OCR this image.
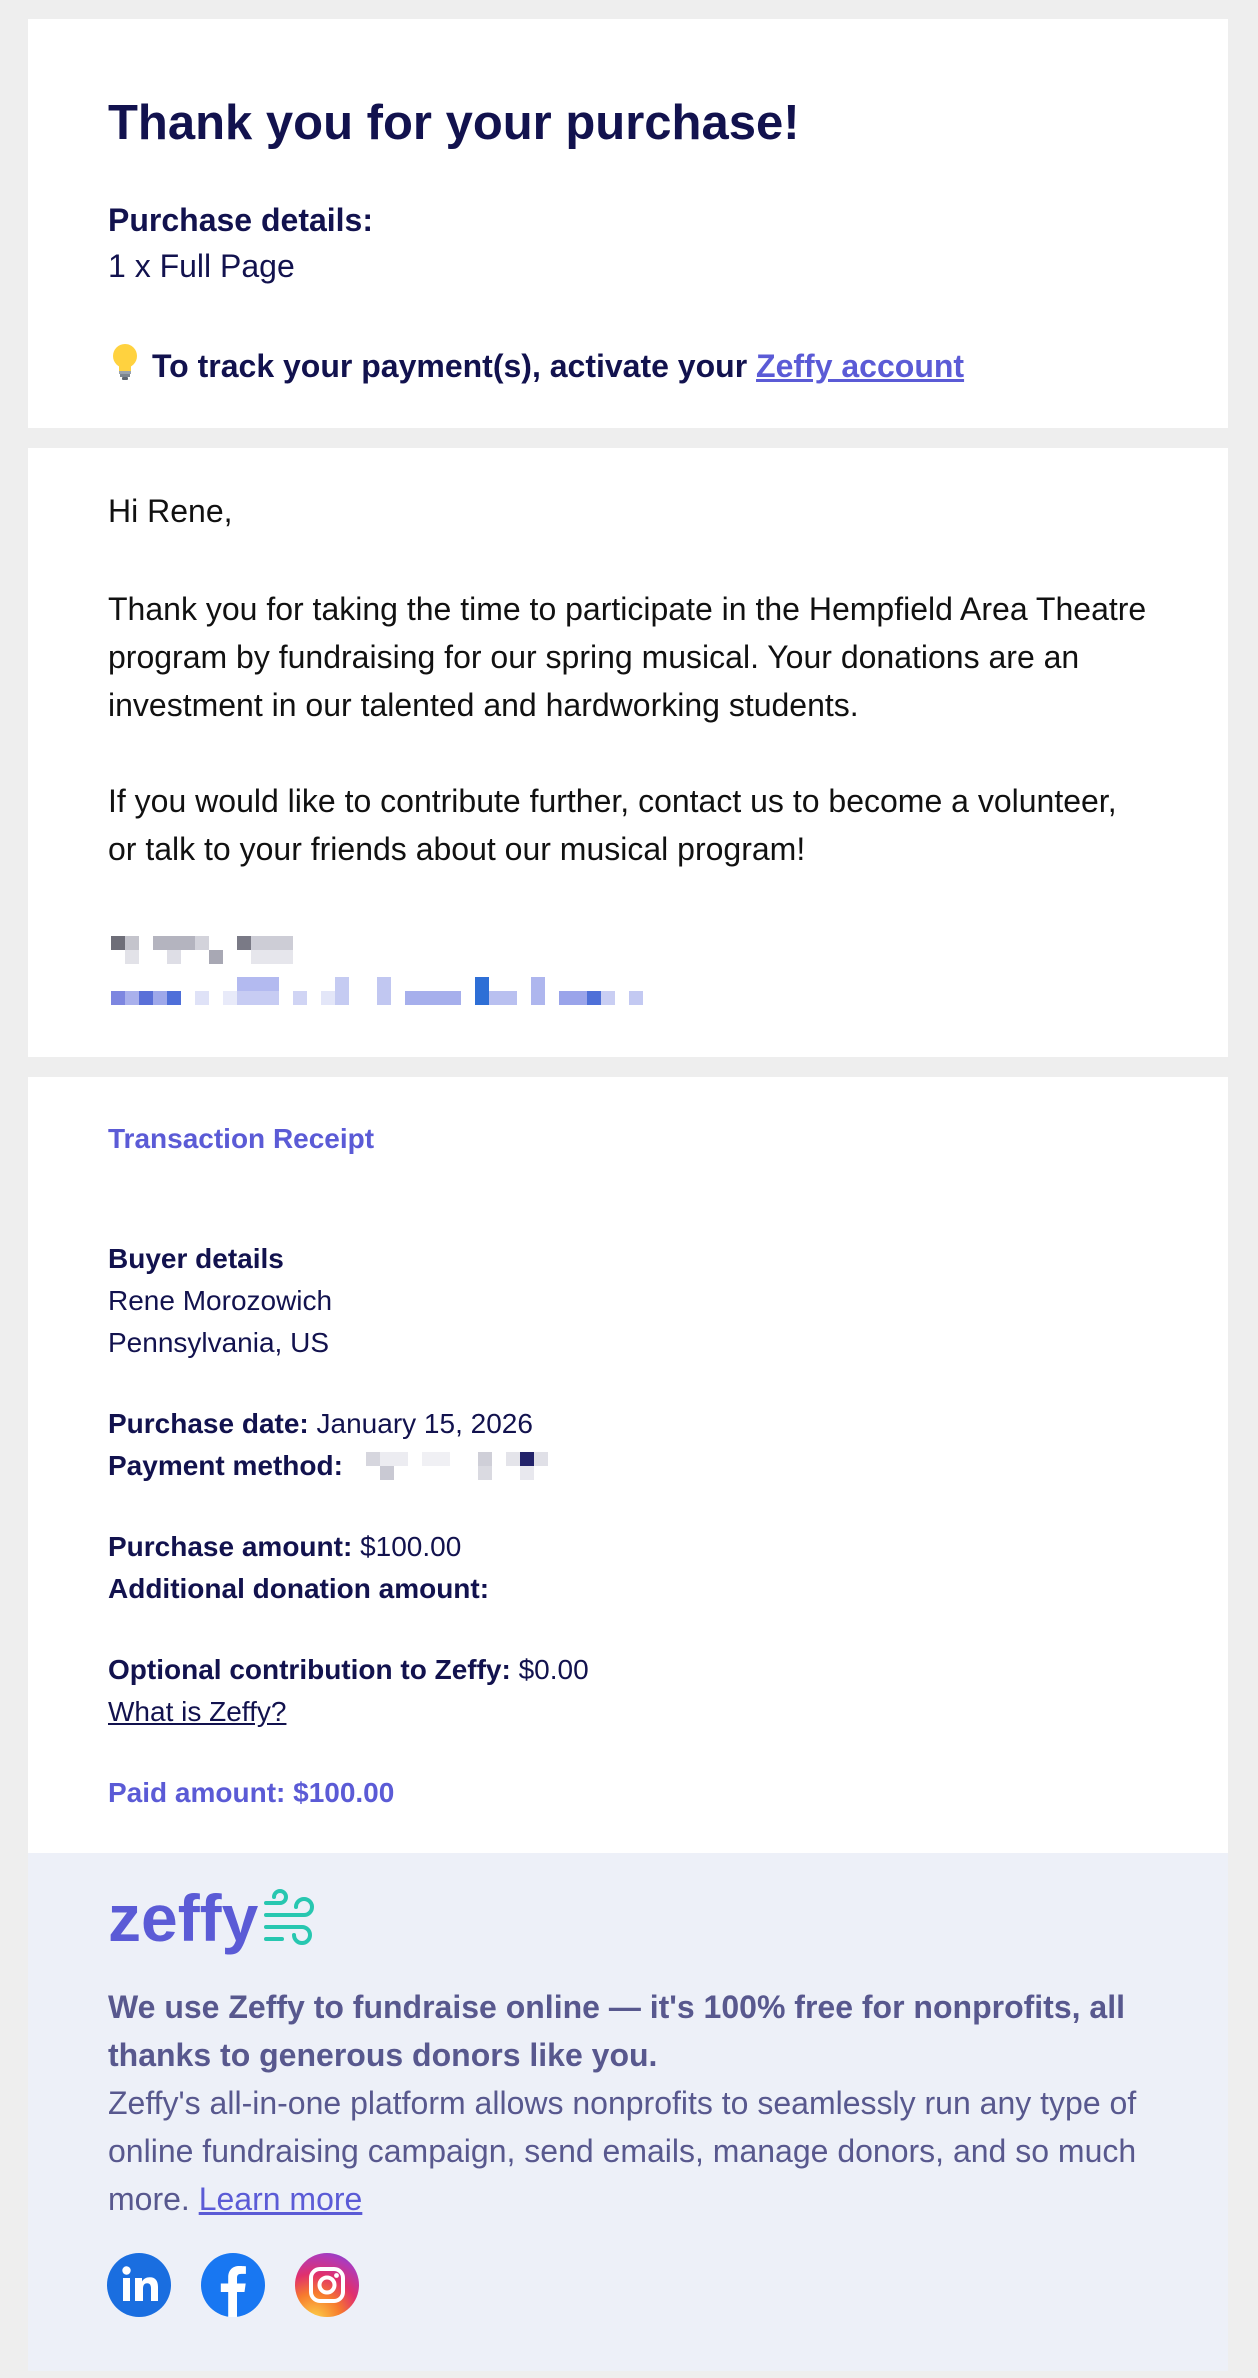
Thank you for your purchase!
Purchase details:
1 x Full Page
To track your payment(s), activate your Zeffy account
Hi Rene,
Thank you for taking the time to participate in the Hempfield Area Theatre program by fundraising for our spring musical. Your donations are an investment in our talented and hardworking students.
If you would like to contribute further, contact us to become a volunteer, or talk to your friends about our musical program!
Transaction Receipt
Buyer details
Rene Morozowich
Pennsylvania, US
Purchase date: January 15, 2026
Payment method:
Purchase amount: $100.00
Additional donation amount:
Optional contribution to Zeffy: $0.00
What is Zeffy?
Paid amount: $100.00
zeffy
We use Zeffy to fundraise online — it's 100% free for nonprofits, all thanks to generous donors like you.
Zeffy's all-in-one platform allows nonprofits to seamlessly run any type of online fundraising campaign, send emails, manage donors, and so much more. Learn more
